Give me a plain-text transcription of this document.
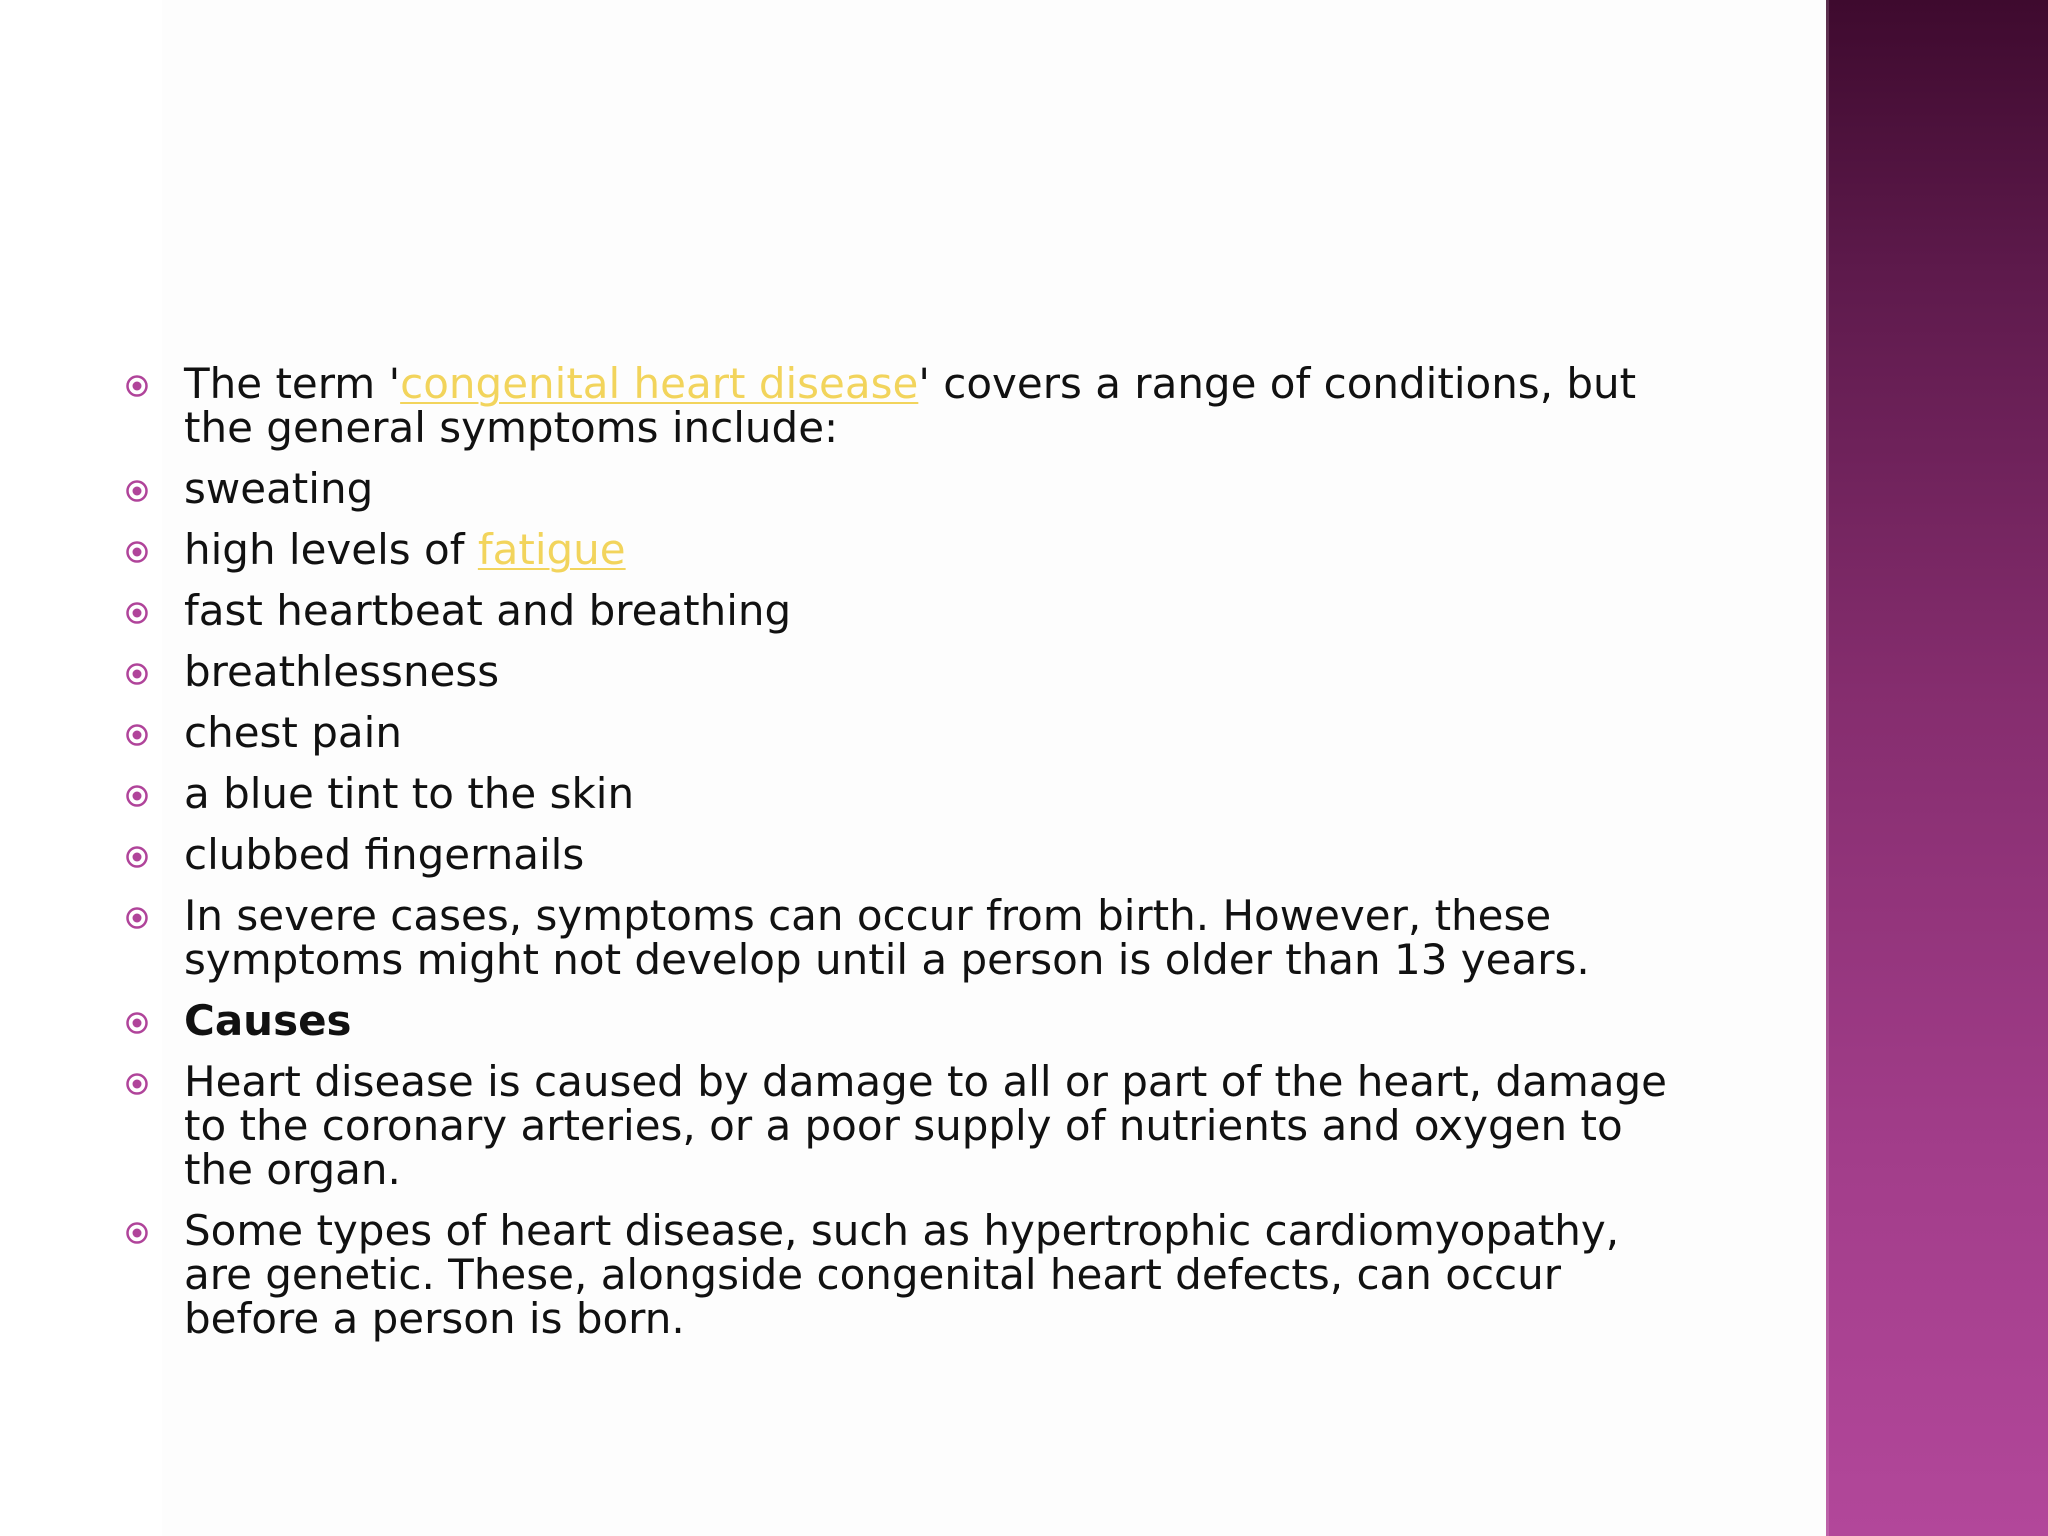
The term 'congenital heart disease' covers a range of conditions, but the general symptoms include:
sweating
high levels of fatigue
fast heartbeat and breathing
breathlessness
chest pain
a blue tint to the skin
clubbed fingernails
In severe cases, symptoms can occur from birth. However, these symptoms might not develop until a person is older than 13 years.
Causes
Heart disease is caused by damage to all or part of the heart, damage to the coronary arteries, or a poor supply of nutrients and oxygen to the organ.
Some types of heart disease, such as hypertrophic cardiomyopathy, are genetic. These, alongside congenital heart defects, can occur before a person is born.
